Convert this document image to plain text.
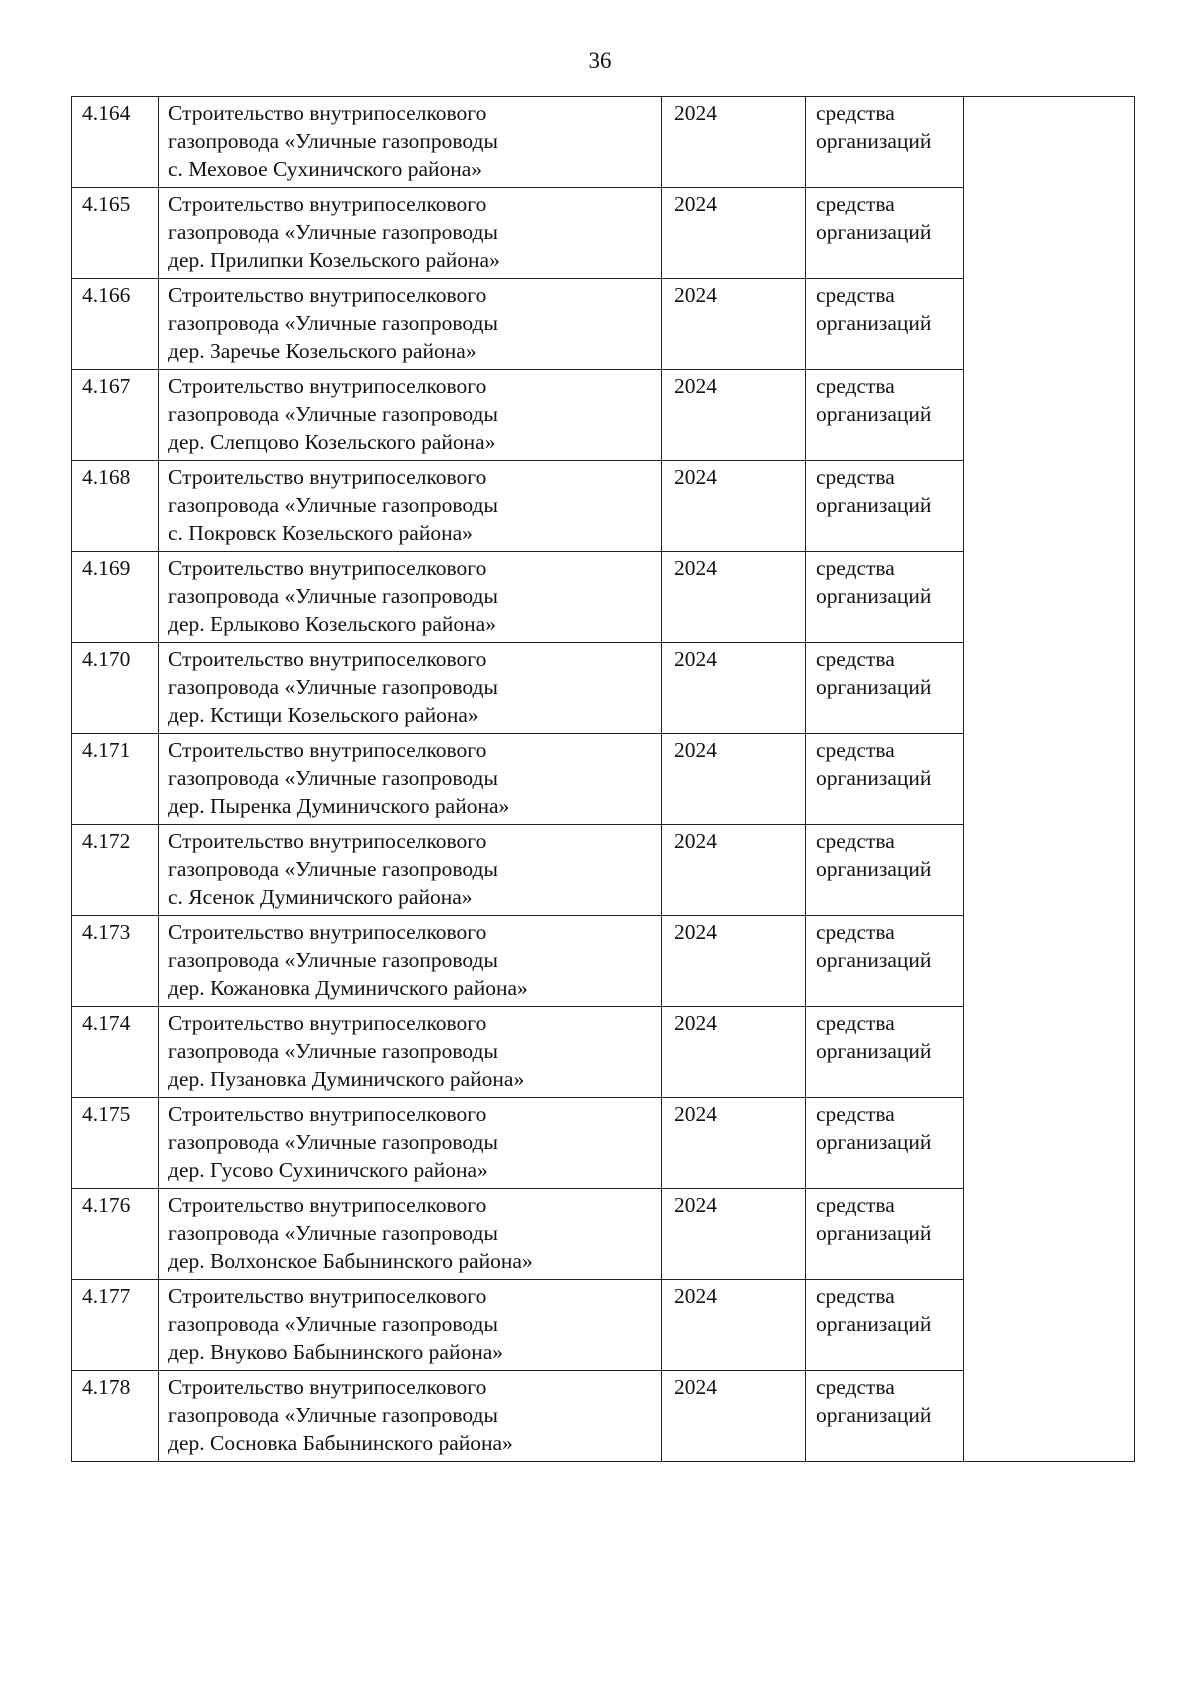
36
4.164	Строительство внутрипоселкового
газопровода «Уличные газопроводы
с. Меховое Сухиничского района»	2024	средства
организаций	

4.165	Строительство внутрипоселкового
газопровода «Уличные газопроводы
дер. Прилипки Козельского района»	2024	средства
организаций	

4.166	Строительство внутрипоселкового
газопровода «Уличные газопроводы
дер. Заречье Козельского района»	2024	средства
организаций	

4.167	Строительство внутрипоселкового
газопровода «Уличные газопроводы
дер. Слепцово Козельского района»	2024	средства
организаций	

4.168	Строительство внутрипоселкового
газопровода «Уличные газопроводы
с. Покровск Козельского района»	2024	средства
организаций	

4.169	Строительство внутрипоселкового
газопровода «Уличные газопроводы
дер. Ерлыково Козельского района»	2024	средства
организаций	

4.170	Строительство внутрипоселкового
газопровода «Уличные газопроводы
дер. Кстищи Козельского района»	2024	средства
организаций	

4.171	Строительство внутрипоселкового
газопровода «Уличные газопроводы
дер. Пыренка Думиничского района»	2024	средства
организаций	

4.172	Строительство внутрипоселкового
газопровода «Уличные газопроводы
с. Ясенок Думиничского района»	2024	средства
организаций	

4.173	Строительство внутрипоселкового
газопровода «Уличные газопроводы
дер. Кожановка Думиничского района»	2024	средства
организаций	

4.174	Строительство внутрипоселкового
газопровода «Уличные газопроводы
дер. Пузановка Думиничского района»	2024	средства
организаций	

4.175	Строительство внутрипоселкового
газопровода «Уличные газопроводы
дер. Гусово Сухиничского района»	2024	средства
организаций	

4.176	Строительство внутрипоселкового
газопровода «Уличные газопроводы
дер. Волхонское Бабынинского района»	2024	средства
организаций	

4.177	Строительство внутрипоселкового
газопровода «Уличные газопроводы
дер. Внуково Бабынинского района»	2024	средства
организаций	

4.178	Строительство внутрипоселкового
газопровода «Уличные газопроводы
дер. Сосновка Бабынинского района»	2024	средства
организаций	
